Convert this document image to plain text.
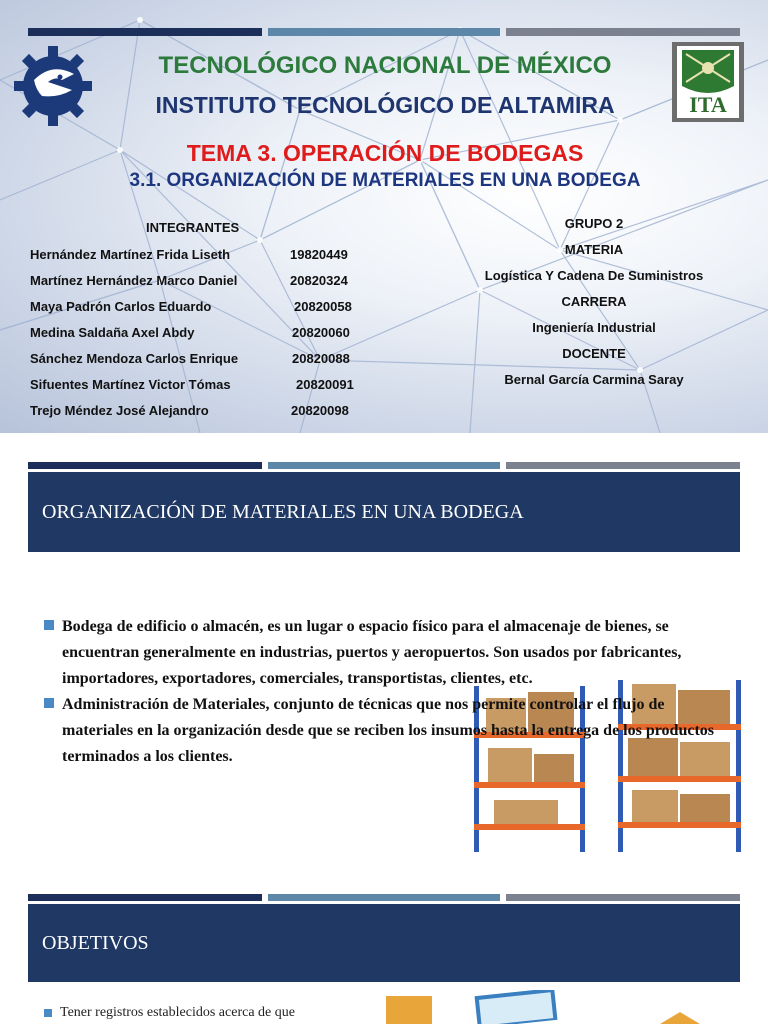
ITA
TECNOLÓGICO NACIONAL DE MÉXICO
INSTITUTO TECNOLÓGICO DE ALTAMIRA
TEMA 3. OPERACIÓN DE BODEGAS
3.1. ORGANIZACIÓN DE MATERIALES EN UNA BODEGA
INTEGRANTES
Hernández Martínez Frida Liseth	19820449
Martínez Hernández Marco Daniel	20820324
Maya Padrón Carlos Eduardo	20820058
Medina Saldaña Axel Abdy	20820060
Sánchez Mendoza Carlos Enrique	20820088
Sifuentes Martínez Victor Tómas	20820091
Trejo Méndez José Alejandro	20820098
GRUPO 2
MATERIA
Logística Y Cadena De Suministros
CARRERA
Ingeniería Industrial
DOCENTE
Bernal García Carmina Saray
ORGANIZACIÓN DE MATERIALES EN UNA BODEGA
Bodega de edificio o almacén, es un lugar o espacio físico para el almacenaje de bienes, se encuentran generalmente en industrias, puertos y aeropuertos. Son usados por fabricantes, importadores, exportadores, comerciales, transportistas, clientes, etc.
Administración de Materiales, conjunto de técnicas que nos permite controlar el flujo de materiales en la organización desde que se reciben los insumos hasta la entrega de los productos terminados a los clientes.
OBJETIVOS
Tener registros establecidos acerca de que
